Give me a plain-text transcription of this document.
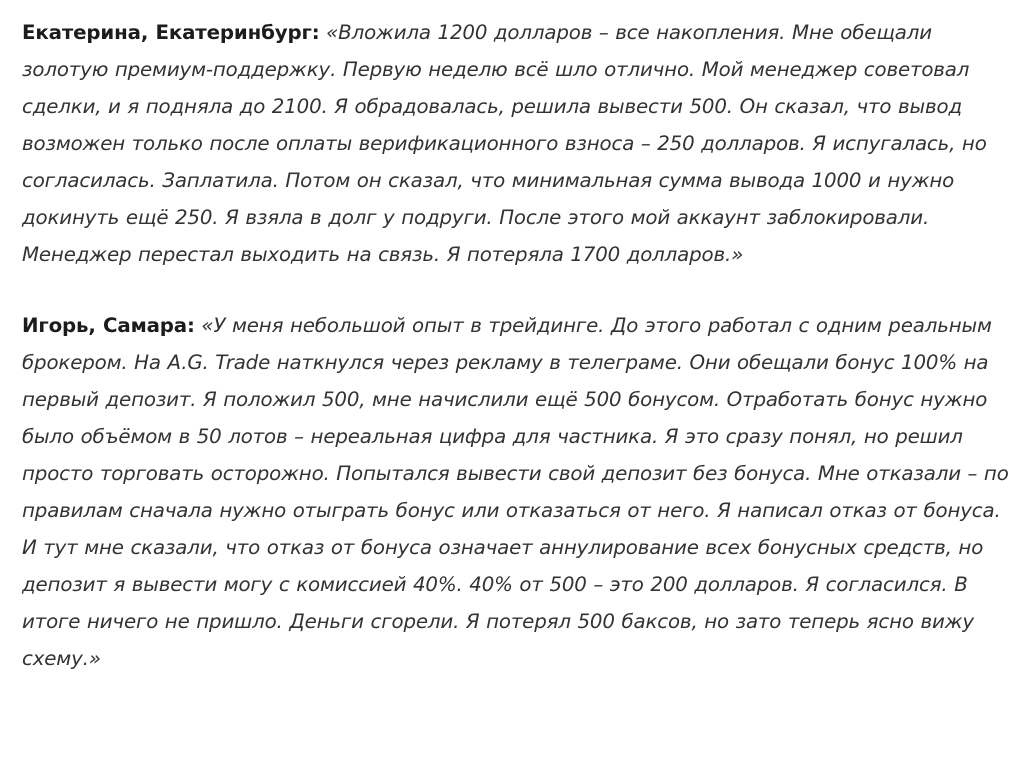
Екатерина, Екатеринбург: «Вложила 1200 долларов – все накопления. Мне обещали золотую премиум-поддержку. Первую неделю всё шло отлично. Мой менеджер советовал сделки, и я подняла до 2100. Я обрадовалась, решила вывести 500. Он сказал, что вывод возможен только после оплаты верификационного взноса – 250 долларов. Я испугалась, но согласилась. Заплатила. Потом он сказал, что минимальная сумма вывода 1000 и нужно докинуть ещё 250. Я взяла в долг у подруги. После этого мой аккаунт заблокировали. Менеджер перестал выходить на связь. Я потеряла 1700 долларов.»

Игорь, Самара: «У меня небольшой опыт в трейдинге. До этого работал с одним реальным брокером. На A.G. Trade наткнулся через рекламу в телеграме. Они обещали бонус 100% на первый депозит. Я положил 500, мне начислили ещё 500 бонусом. Отработать бонус нужно было объёмом в 50 лотов – нереальная цифра для частника. Я это сразу понял, но решил просто торговать осторожно. Попытался вывести свой депозит без бонуса. Мне отказали – по правилам сначала нужно отыграть бонус или отказаться от него. Я написал отказ от бонуса. И тут мне сказали, что отказ от бонуса означает аннулирование всех бонусных средств, но депозит я вывести могу с комиссией 40%. 40% от 500 – это 200 долларов. Я согласился. В итоге ничего не пришло. Деньги сгорели. Я потерял 500 баксов, но зато теперь ясно вижу схему.»
